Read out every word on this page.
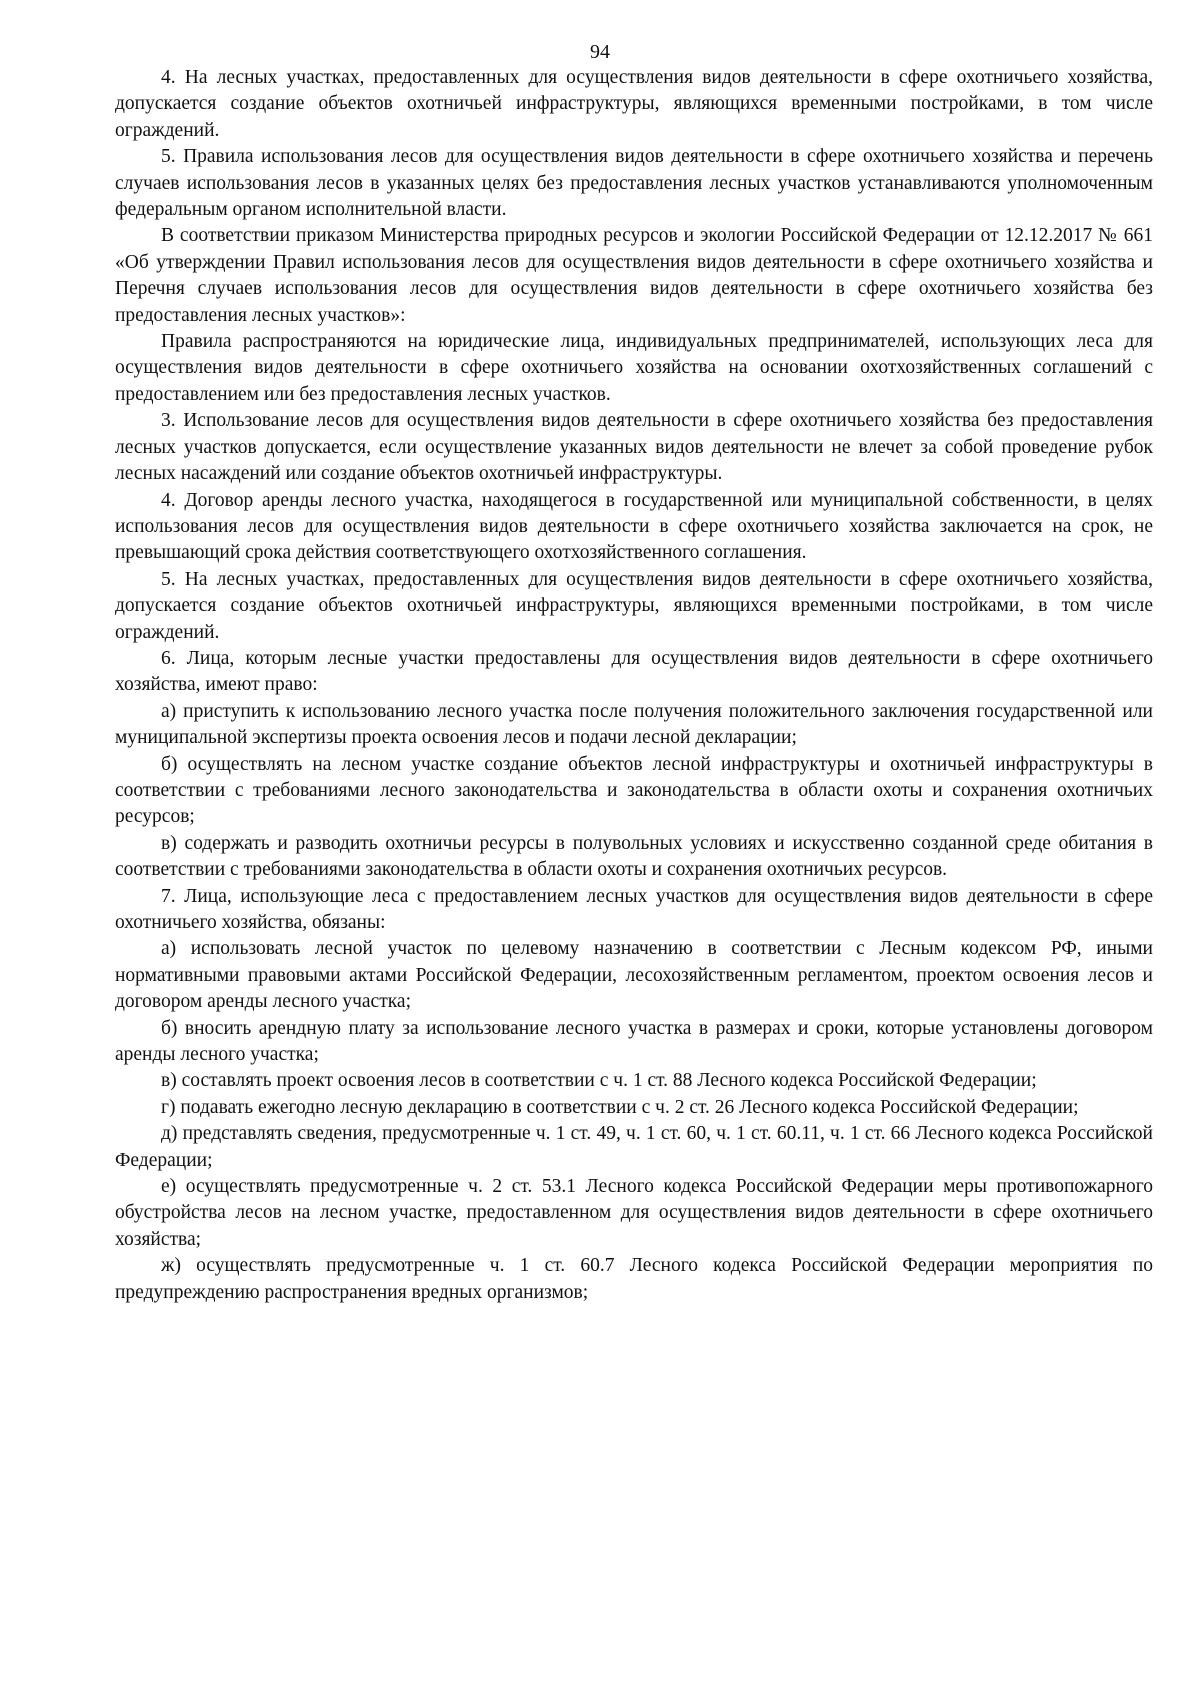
94

4. На лесных участках, предоставленных для осуществления видов деятельности в сфере охотничьего хозяйства, допускается создание объектов охотничьей инфраструктуры, являющихся временными постройками, в том числе ограждений.

5. Правила использования лесов для осуществления видов деятельности в сфере охотничьего хозяйства и перечень случаев использования лесов в указанных целях без предоставления лесных участков устанавливаются уполномоченным федеральным органом исполнительной власти.

В соответствии приказом Министерства природных ресурсов и экологии Российской Федерации от 12.12.2017 № 661 «Об утверждении Правил использования лесов для осуществления видов деятельности в сфере охотничьего хозяйства и Перечня случаев использования лесов для осуществления видов деятельности в сфере охотничьего хозяйства без предоставления лесных участков»:

Правила распространяются на юридические лица, индивидуальных предпринимателей, использующих леса для осуществления видов деятельности в сфере охотничьего хозяйства на основании охотхозяйственных соглашений с предоставлением или без предоставления лесных участков.

3. Использование лесов для осуществления видов деятельности в сфере охотничьего хозяйства без предоставления лесных участков допускается, если осуществление указанных видов деятельности не влечет за собой проведение рубок лесных насаждений или создание объектов охотничьей инфраструктуры.

4. Договор аренды лесного участка, находящегося в государственной или муниципальной собственности, в целях использования лесов для осуществления видов деятельности в сфере охотничьего хозяйства заключается на срок, не превышающий срока действия соответствующего охотхозяйственного соглашения.

5. На лесных участках, предоставленных для осуществления видов деятельности в сфере охотничьего хозяйства, допускается создание объектов охотничьей инфраструктуры, являющихся временными постройками, в том числе ограждений.

6. Лица, которым лесные участки предоставлены для осуществления видов деятельности в сфере охотничьего хозяйства, имеют право:

а) приступить к использованию лесного участка после получения положительного заключения государственной или муниципальной экспертизы проекта освоения лесов и подачи лесной декларации;

б) осуществлять на лесном участке создание объектов лесной инфраструктуры и охотничьей инфраструктуры в соответствии с требованиями лесного законодательства и законодательства в области охоты и сохранения охотничьих ресурсов;

в) содержать и разводить охотничьи ресурсы в полувольных условиях и искусственно созданной среде обитания в соответствии с требованиями законодательства в области охоты и сохранения охотничьих ресурсов.

7. Лица, использующие леса с предоставлением лесных участков для осуществления видов деятельности в сфере охотничьего хозяйства, обязаны:

а) использовать лесной участок по целевому назначению в соответствии с Лесным кодексом РФ, иными нормативными правовыми актами Российской Федерации, лесохозяйственным регламентом, проектом освоения лесов и договором аренды лесного участка;

б) вносить арендную плату за использование лесного участка в размерах и сроки, которые установлены договором аренды лесного участка;

в) составлять проект освоения лесов в соответствии с ч. 1 ст. 88 Лесного кодекса Российской Федерации;

г) подавать ежегодно лесную декларацию в соответствии с ч. 2 ст. 26 Лесного кодекса Российской Федерации;

д) представлять сведения, предусмотренные ч. 1 ст. 49, ч. 1 ст. 60, ч. 1 ст. 60.11, ч. 1 ст. 66 Лесного кодекса Российской Федерации;

е) осуществлять предусмотренные ч. 2 ст. 53.1 Лесного кодекса Российской Федерации меры противопожарного обустройства лесов на лесном участке, предоставленном для осуществления видов деятельности в сфере охотничьего хозяйства;

ж) осуществлять предусмотренные ч. 1 ст. 60.7 Лесного кодекса Российской Федерации мероприятия по предупреждению распространения вредных организмов;
